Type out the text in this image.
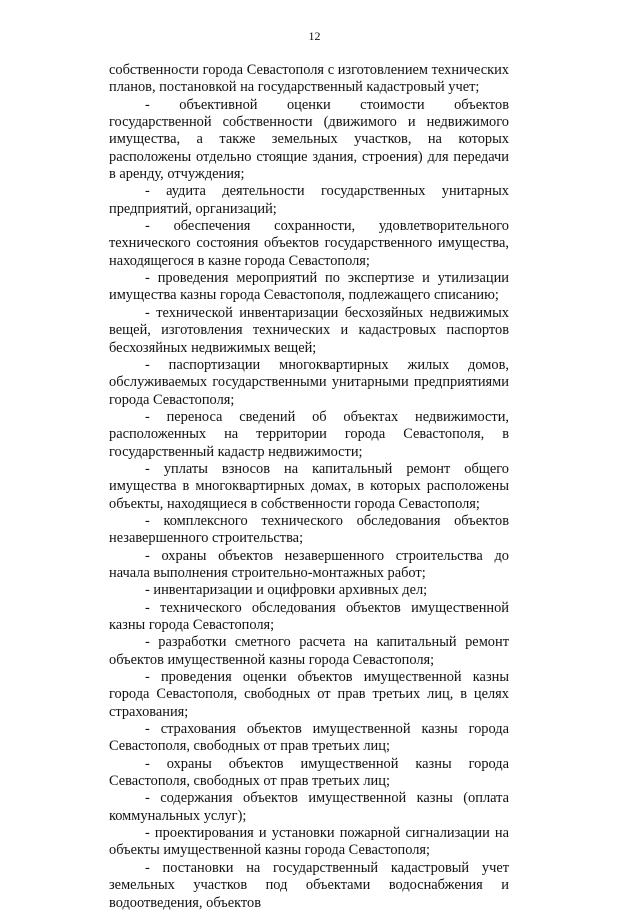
12

собственности города Севастополя с изготовлением технических планов, постановкой на государственный кадастровый учет;

- объективной оценки стоимости объектов государственной собственности (движимого и недвижимого имущества, а также земельных участков, на которых расположены отдельно стоящие здания, строения) для передачи в аренду, отчуждения;

- аудита деятельности государственных унитарных предприятий, организаций;

- обеспечения сохранности, удовлетворительного технического состояния объектов государственного имущества, находящегося в казне города Севастополя;

- проведения мероприятий по экспертизе и утилизации имущества казны города Севастополя, подлежащего списанию;

- технической инвентаризации бесхозяйных недвижимых вещей, изготовления технических и кадастровых паспортов бесхозяйных недвижимых вещей;

- паспортизации многоквартирных жилых домов, обслуживаемых государственными унитарными предприятиями города Севастополя;

- переноса сведений об объектах недвижимости, расположенных на территории города Севастополя, в государственный кадастр недвижимости;

- уплаты взносов на капитальный ремонт общего имущества в многоквартирных домах, в которых расположены объекты, находящиеся в собственности города Севастополя;

- комплексного технического обследования объектов незавершенного строительства;

- охраны объектов незавершенного строительства до начала выполнения строительно-монтажных работ;

- инвентаризации и оцифровки архивных дел;

- технического обследования объектов имущественной казны города Севастополя;

- разработки сметного расчета на капитальный ремонт объектов имущественной казны города Севастополя;

- проведения оценки объектов имущественной казны города Севастополя, свободных от прав третьих лиц, в целях страхования;

- страхования объектов имущественной казны города Севастополя, свободных от прав третьих лиц;

- охраны объектов имущественной казны города Севастополя, свободных от прав третьих лиц;

- содержания объектов имущественной казны (оплата коммунальных услуг);

- проектирования и установки пожарной сигнализации на объекты имущественной казны города Севастополя;

- постановки на государственный кадастровый учет земельных участков под объектами водоснабжения и водоотведения, объектов
